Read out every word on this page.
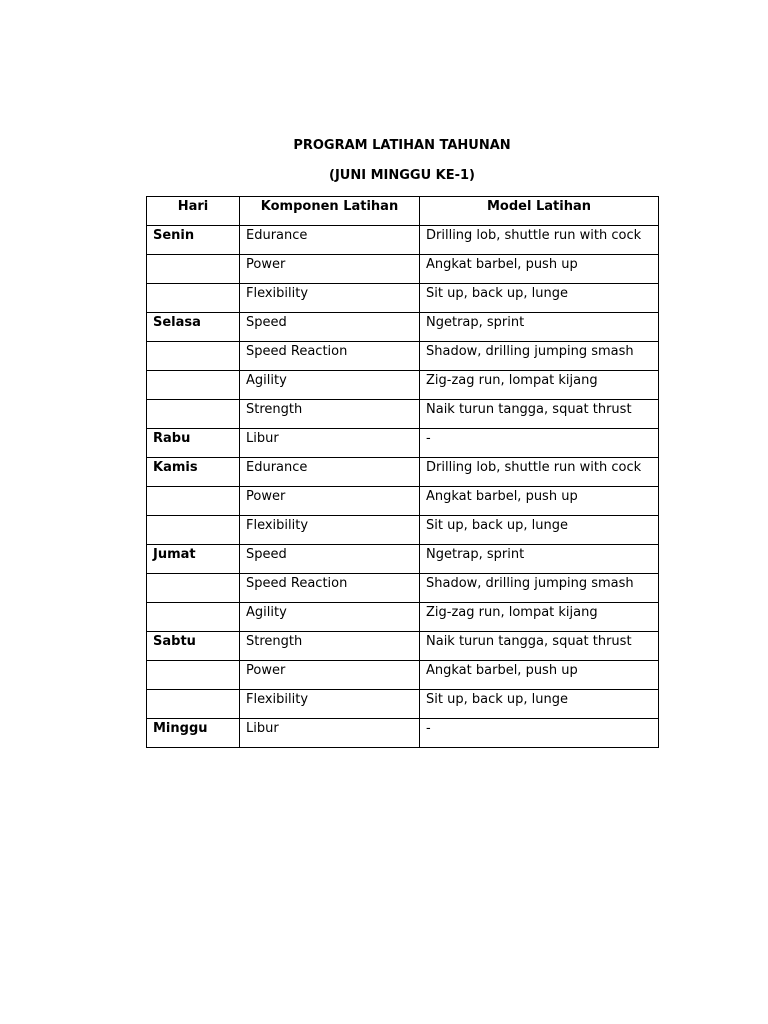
PROGRAM LATIHAN TAHUNAN
(JUNI MINGGU KE-1)
Hari	Komponen Latihan	Model Latihan
Senin	Edurance	Drilling lob, shuttle run with cock
	Power	Angkat barbel, push up
	Flexibility	Sit up, back up, lunge
Selasa	Speed	Ngetrap, sprint
	Speed Reaction	Shadow, drilling jumping smash
	Agility	Zig-zag run, lompat kijang
	Strength	Naik turun tangga, squat thrust
Rabu	Libur	-
Kamis	Edurance	Drilling lob, shuttle run with cock
	Power	Angkat barbel, push up
	Flexibility	Sit up, back up, lunge
Jumat	Speed	Ngetrap, sprint
	Speed Reaction	Shadow, drilling jumping smash
	Agility	Zig-zag run, lompat kijang
Sabtu	Strength	Naik turun tangga, squat thrust
	Power	Angkat barbel, push up
	Flexibility	Sit up, back up, lunge
Minggu	Libur	-
